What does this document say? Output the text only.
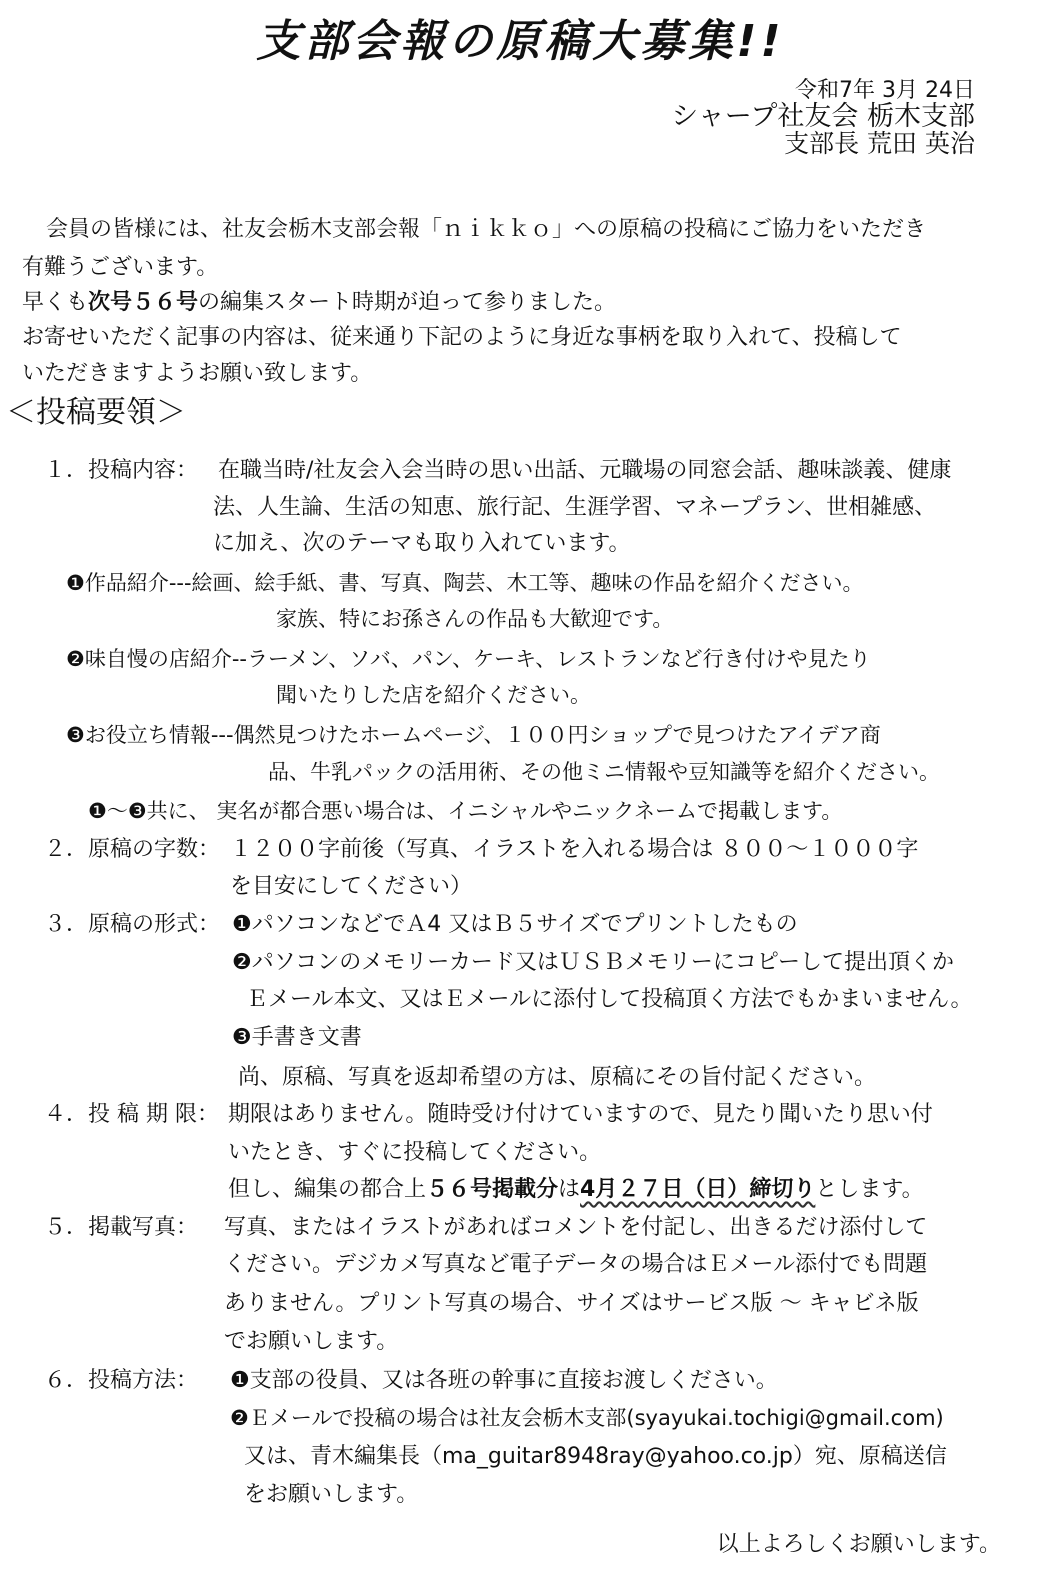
支部会報の原稿大募集!!
令和7年 3月 24日
シャープ社友会 栃木支部
支部長 荒田 英治
会員の皆様には、社友会栃木支部会報「ｎｉｋｋｏ」への原稿の投稿にご協力をいただき
有難うございます。
早くも次号５６号の編集スタート時期が迫って参りました。
お寄せいただく記事の内容は、従来通り下記のように身近な事柄を取り入れて、投稿して
いただきますようお願い致します。
＜投稿要領＞
１．投稿内容： 在職当時/社友会入会当時の思い出話、元職場の同窓会話、趣味談義、健康
法、人生論、生活の知恵、旅行記、生涯学習、マネープラン、世相雑感、
に加え、次のテーマも取り入れています。
❶作品紹介---絵画、絵手紙、書、写真、陶芸、木工等、趣味の作品を紹介ください。
家族、特にお孫さんの作品も大歓迎です。
❷味自慢の店紹介--ラーメン、ソバ、パン、ケーキ、レストランなど行き付けや見たり
聞いたりした店を紹介ください。
❸お役立ち情報---偶然見つけたホームページ、１００円ショップで見つけたアイデア商
品、牛乳パックの活用術、その他ミニ情報や豆知識等を紹介ください。
❶～❸共に、 実名が都合悪い場合は、イニシャルやニックネームで掲載します。
２．原稿の字数： １２００字前後（写真、イラストを入れる場合は ８００～１０００字
を目安にしてください）
３．原稿の形式： ❶パソコンなどでＡ4 又はＢ５サイズでプリントしたもの
❷パソコンのメモリーカード又はＵＳＢメモリーにコピーして提出頂くか
Ｅメール本文、又はＥメールに添付して投稿頂く方法でもかまいません。
❸手書き文書
尚、原稿、写真を返却希望の方は、原稿にその旨付記ください。
４．投 稿 期 限： 期限はありません。随時受け付けていますので、見たり聞いたり思い付
いたとき、すぐに投稿してください。
但し、編集の都合上５６号掲載分は4月２７日（日）締切りとします。
５．掲載写真： 写真、またはイラストがあればコメントを付記し、出きるだけ添付して
ください。デジカメ写真など電子データの場合はＥメール添付でも問題
ありません。プリント写真の場合、サイズはサービス版 ～ キャビネ版
でお願いします。
６．投稿方法： ❶支部の役員、又は各班の幹事に直接お渡しください。
❷Ｅメールで投稿の場合は社友会栃木支部(syayukai.tochigi@gmail.com)
又は、青木編集長（ma_guitar8948ray@yahoo.co.jp）宛、原稿送信
をお願いします。
以上よろしくお願いします。
